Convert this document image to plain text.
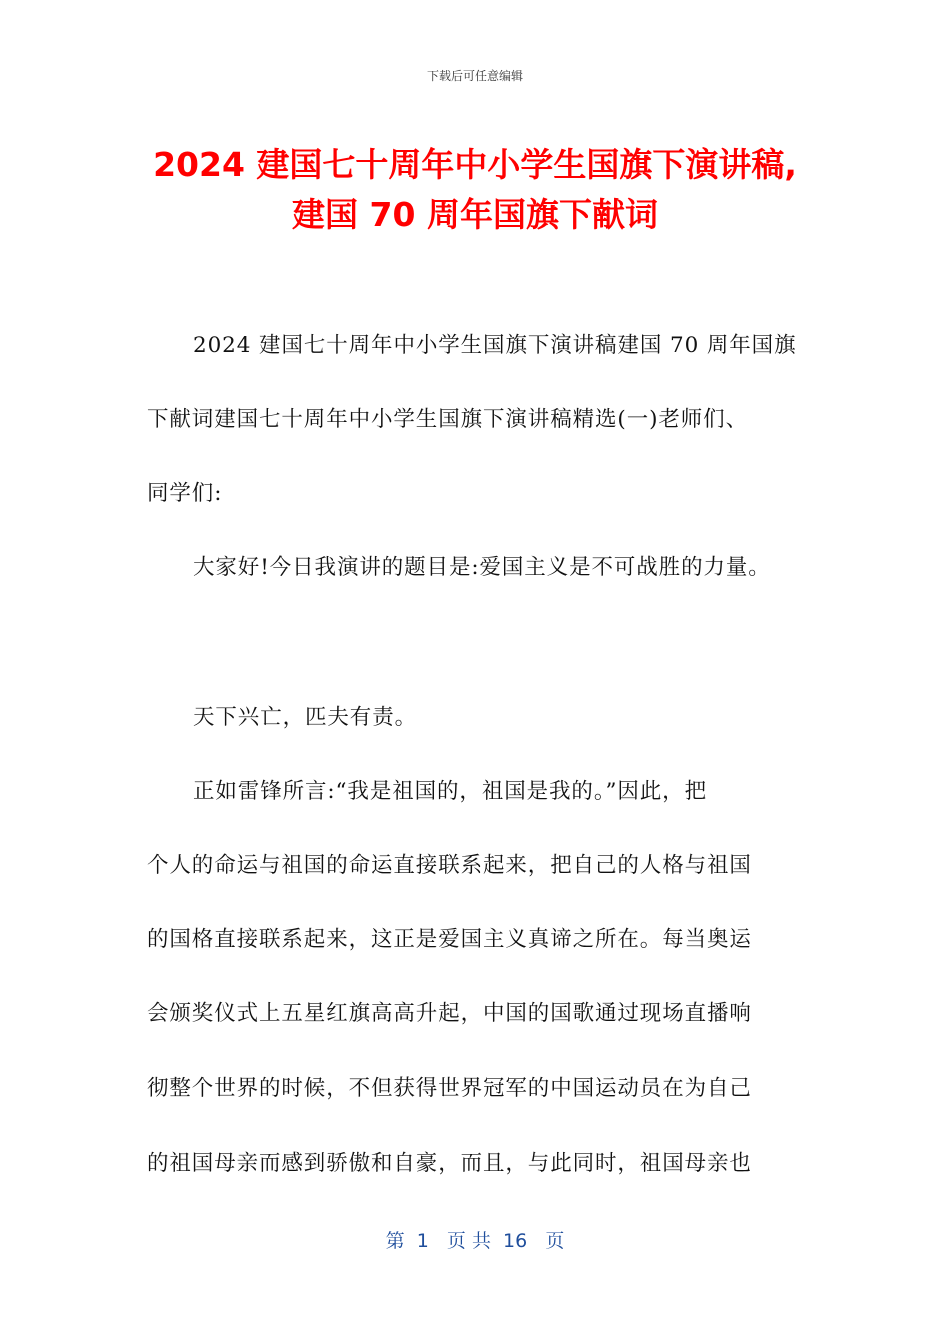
下载后可任意编辑
2024 建国七十周年中小学生国旗下演讲稿,
建国 70 周年国旗下献词
2024 建国七十周年中小学生国旗下演讲稿建国 70 周年国旗
下献词建国七十周年中小学生国旗下演讲稿精选(一)老师们、
同学们:
大家好!今日我演讲的题目是:爱国主义是不可战胜的力量。
天下兴亡，匹夫有责。
正如雷锋所言:“我是祖国的，祖国是我的。”因此，把
个人的命运与祖国的命运直接联系起来，把自己的人格与祖国
的国格直接联系起来，这正是爱国主义真谛之所在。每当奥运
会颁奖仪式上五星红旗高高升起，中国的国歌通过现场直播响
彻整个世界的时候，不但获得世界冠军的中国运动员在为自己
的祖国母亲而感到骄傲和自豪，而且，与此同时，祖国母亲也
第  1   页 共  16   页
